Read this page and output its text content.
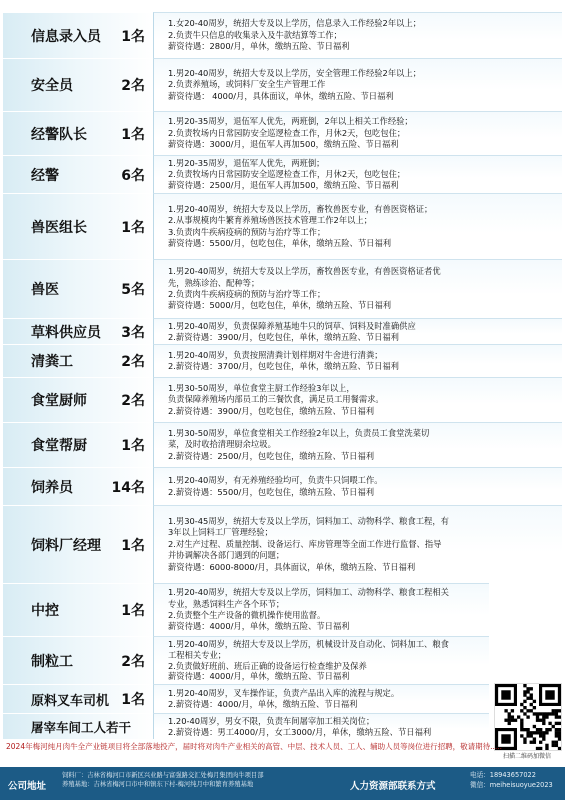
信息录入员 1名
1.女20-40周岁，统招大专及以上学历，信息录入工作经验2年以上；
2.负责牛只信息的收集录入及牛款结算等工作；
薪资待遇：2800/月，单休，缴纳五险、节日福利
安全员	2名
1.男20-40周岁，统招大专及以上学历，安全管理工作经验2年以上；
2.负责养殖场，或饲料厂安全生产管理工作
薪资待遇： 4000/月，具体面议，单休，缴纳五险、节日福利
经警队长 1名
1.男20-35周岁，退伍军人优先，两班倒，2年以上相关工作经验；
2.负责牧场内日常园防安全巡逻检查工作，月休2天，包吃包住；
薪资待遇：3000/月，退伍军人再加500，缴纳五险、节日福利
经警	6名
1.男20-35周岁，退伍军人优先，两班倒；
2.负责牧场内日常园防安全巡逻检查工作，月休2天，包吃包住；
薪资待遇：2500/月，退伍军人再加500，缴纳五险、节日福利
兽医组长 1名
1.男20-40周岁，统招大专及以上学历，畜牧兽医专业，有兽医资格证；
2.从事规模肉牛繁育养殖场兽医技术管理工作2年以上；
3.负责肉牛疾病疫病的预防与治疗等工作；
薪资待遇：5500/月，包吃包住，单休，缴纳五险、节日福利
兽医	5名
1.男20-40周岁，统招大专及以上学历，畜牧兽医专业，有兽医资格证者优
先，熟练诊治、配种等；
2.负责肉牛疾病疫病的预防与治疗等工作；
薪资待遇：5000/月，包吃包住，单休，缴纳五险、节日福利
草料供应员 3名	1.男20-40周岁，负责保障养殖基地牛只的饲草、饲料及时准确供应
2.薪资待遇：3900/月，包吃包住，单休，缴纳五险、节日福利
清粪工	2名	1.男20-40周岁，负责按照清粪计划样期对牛舍进行清粪；
2.薪资待遇：3700/月，包吃包住，单休，缴纳五险、节日福利
食堂厨师 2名
1.男30-50周岁，单位食堂主厨工作经验3年以上，
负责保障养殖场内部员工的三餐饮食，满足员工用餐需求。
2.薪资待遇：3900/月，包吃包住，缴纳五险、节日福利
食堂帮厨 1名
1.男30-50周岁，单位食堂相关工作经验2年以上，负责员工食堂洗菜切
菜，及时收拾清理厨余垃圾。
2.薪资待遇：2500/月，包吃包住，缴纳五险、节日福利
饲养员	14名	1.男20-40周岁，有无养殖经验均可，负责牛只饲喂工作。
2.薪资待遇：5500/月，包吃包住，缴纳五险、节日福利
饲料厂经理 1名
1.男30-45周岁，统招大专及以上学历，饲料加工、动物科学、粮食工程，有
3年以上饲料工厂管理经验；
2.对生产过程、质量控制、设备运行、库房管理等全面工作进行监督、指导
并协调解决各部门遇到的问题；
薪资待遇：6000-8000/月，具体面议，单休，缴纳五险、节日福利
中控	1名
1.男20-40周岁，统招大专及以上学历，饲料加工、动物科学、粮食工程相关
专业，熟悉饲料生产各个环节；
2.负责整个生产设备的微机操作使用监督。
薪资待遇：4000/月，单休，缴纳五险、节日福利
制粒工	2名
1.男20-40周岁，统招大专及以上学历，机械设计及自动化、饲料加工、粮食
工程相关专业；
2.负责做好班前、班后正确的设备运行检查维护及保养
薪资待遇：4000/月，单休，缴纳五险、节日福利
原料叉车司机 1名	1.男20-40周岁，叉车操作证，负责产品出入库的流程与规定。
2.薪资待遇：4000/月，单休，缴纳五险、节日福利
屠宰车间工人若干	1.20-40周岁，男女不限，负责车间屠宰加工相关岗位；
2.薪资待遇：男工4000/月，女工3000/月，单休，缴纳五险、节日福利
扫描二维码加微信
2024年梅河纯月肉牛全产业链项目将全部落地投产，届时将对肉牛产业相关的高管、中层、技术人员、工人、辅助人员等岗位进行招聘，敬请期待.....
公司地址
饲料厂：吉林省梅河口市新区兴业路与富强路交汇处梅月集团肉牛项目部
养殖基地：吉林省梅河口市中和镇东下村-梅河纯月中和繁育养殖基地	人力资源部联系方式
电话：18943657022
微信：meiheisuoyue2023
